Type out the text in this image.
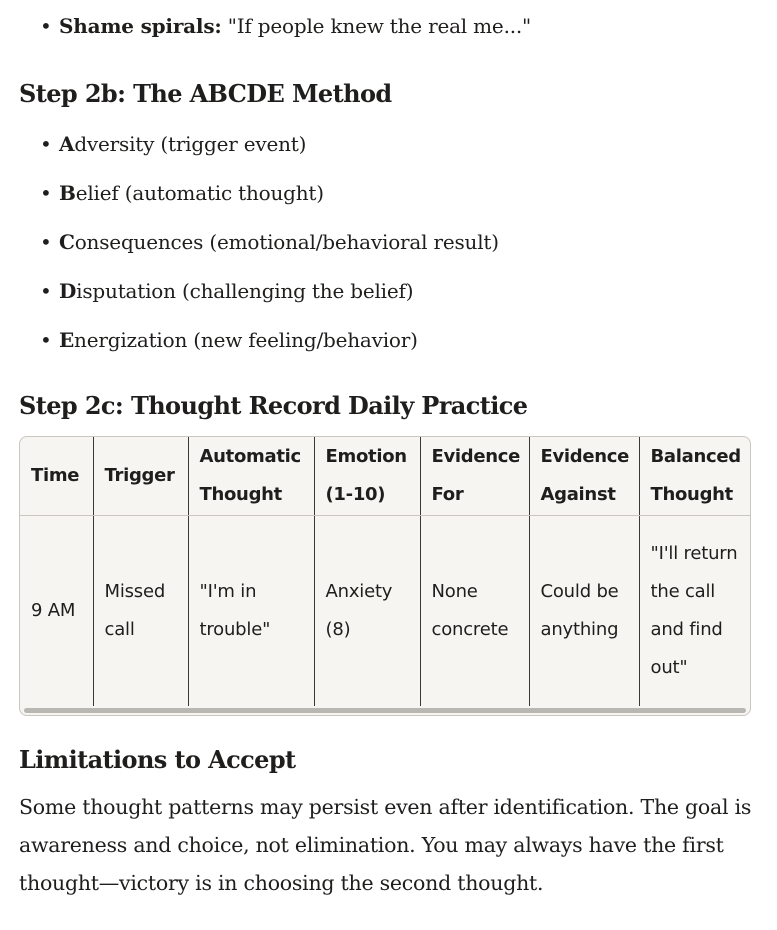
• Shame spirals: "If people knew the real me..."
Step 2b: The ABCDE Method
• Adversity (trigger event)
• Belief (automatic thought)
• Consequences (emotional/behavioral result)
• Disputation (challenging the belief)
• Energization (new feeling/behavior)
Step 2c: Thought Record Daily Practice
Time	Trigger	Automatic Thought	Emotion (1-10)	Evidence For	Evidence Against	Balanced Thought
9 AM	Missed call	"I'm in trouble"	Anxiety (8)	None concrete	Could be anything	"I'll return the call and find out"
Limitations to Accept

Some thought patterns may persist even after identification. The goal is awareness and choice, not elimination. You may always have the first thought—victory is in choosing the second thought.
